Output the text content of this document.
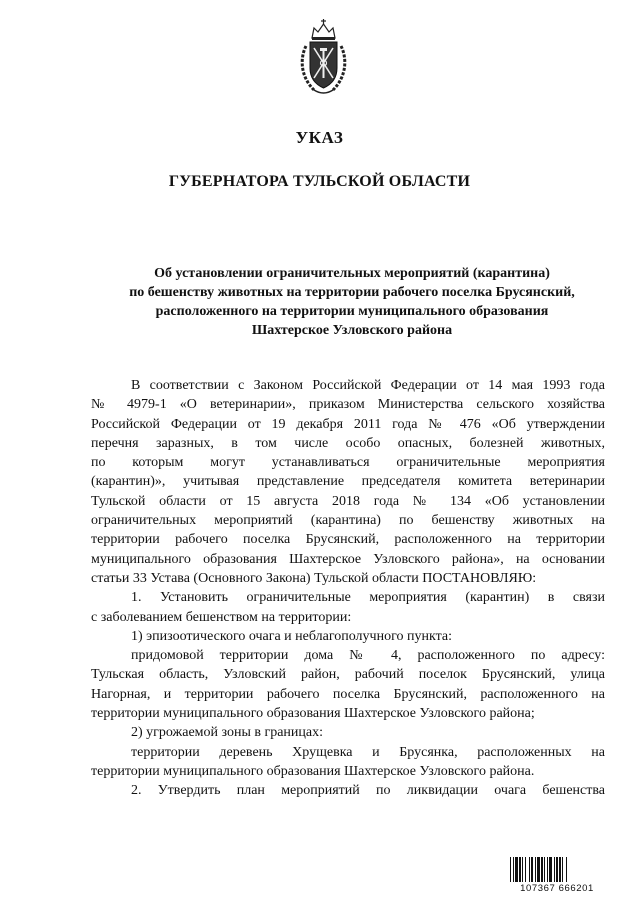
УКАЗ
ГУБЕРНАТОРА ТУЛЬСКОЙ ОБЛАСТИ
Об установлении ограничительных мероприятий (карантина)
по бешенству животных на территории рабочего поселка Брусянский,
расположенного на территории муниципального образования
Шахтерское Узловского района

В соответствии с Законом Российской Федерации от 14 мая 1993 года
№ 4979-1 «О ветеринарии», приказом Министерства сельского хозяйства
Российской Федерации от 19 декабря 2011 года № 476 «Об утверждении
перечня заразных, в том числе особо опасных, болезней животных,
по которым могут устанавливаться ограничительные мероприятия
(карантин)», учитывая представление председателя комитета ветеринарии
Тульской области от 15 августа 2018 года № 134 «Об установлении
ограничительных мероприятий (карантина) по бешенству животных на
территории рабочего поселка Брусянский, расположенного на территории
муниципального образования Шахтерское Узловского района», на основании
статьи 33 Устава (Основного Закона) Тульской области ПОСТАНОВЛЯЮ:

1. Установить ограничительные мероприятия (карантин) в связи
с заболеванием бешенством на территории:

1) эпизоотического очага и неблагополучного пункта:

придомовой территории дома № 4, расположенного по адресу:
Тульская область, Узловский район, рабочий поселок Брусянский, улица
Нагорная, и территории рабочего поселка Брусянский, расположенного на
территории муниципального образования Шахтерское Узловского района;

2) угрожаемой зоны в границах:

территории деревень Хрущевка и Брусянка, расположенных на
территории муниципального образования Шахтерское Узловского района.

2. Утвердить план мероприятий по ликвидации очага бешенства

107367 666201
